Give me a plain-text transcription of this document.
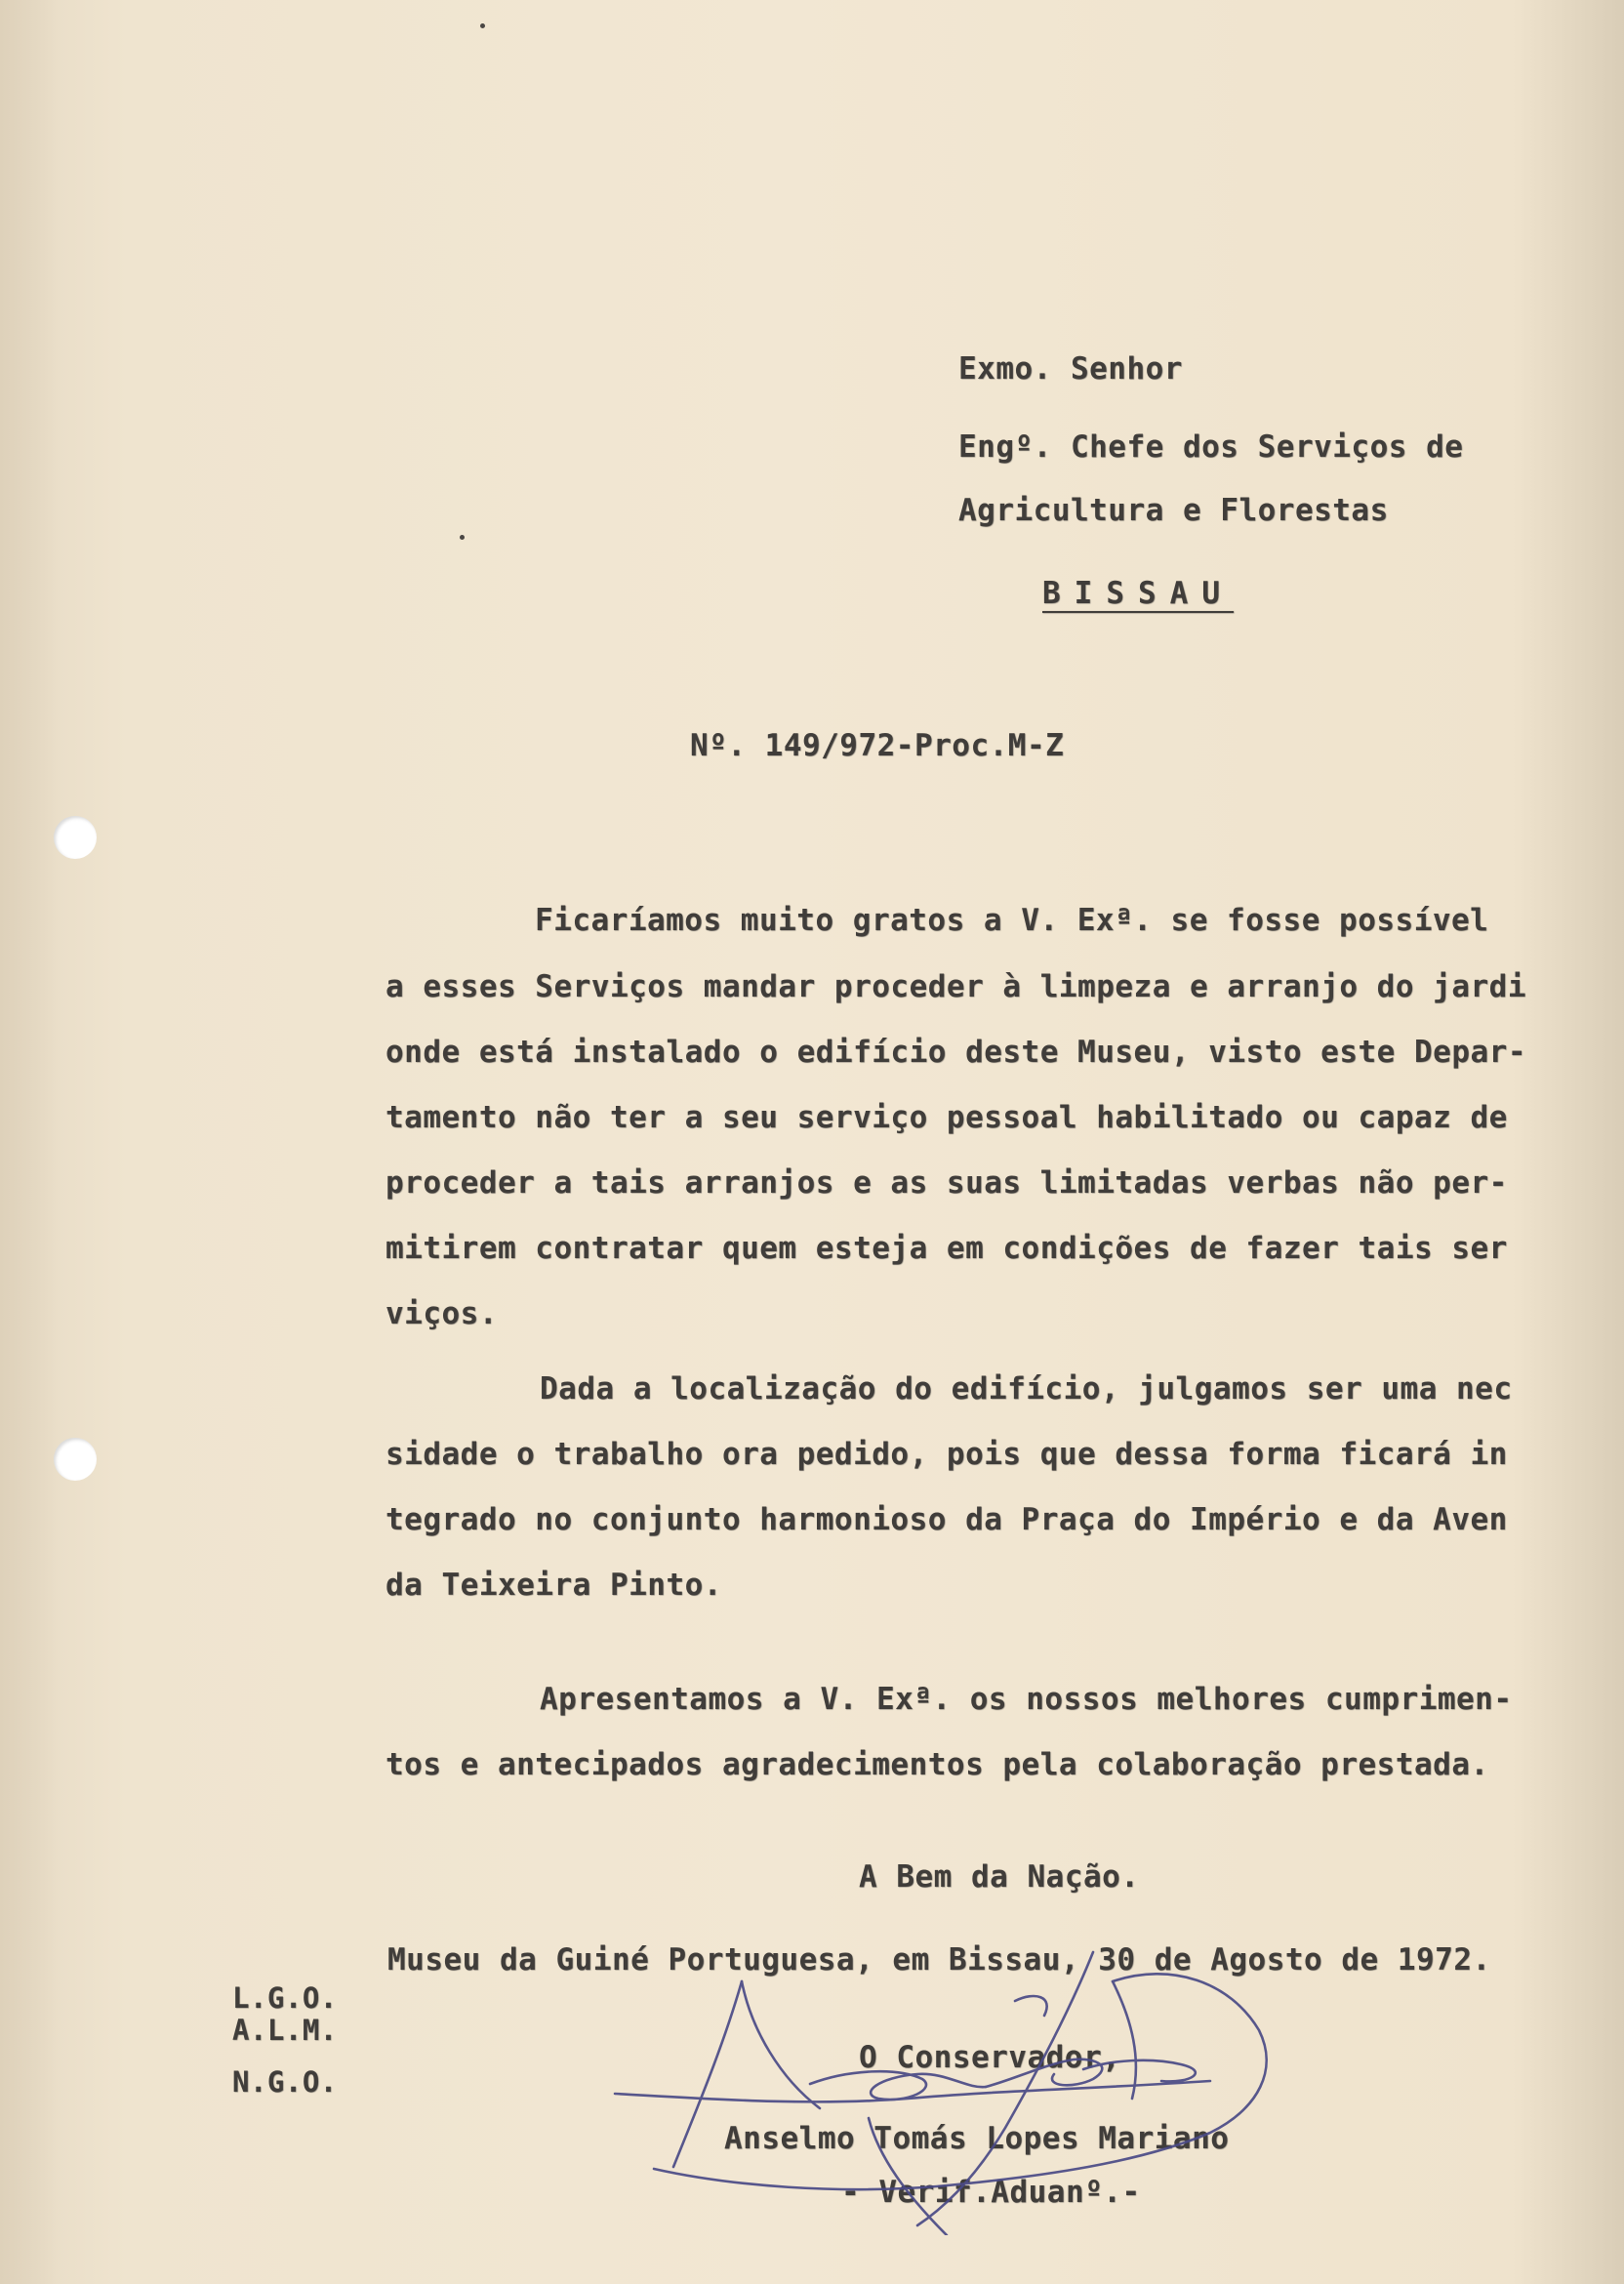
Exmo. Senhor
Engº. Chefe dos Serviços de
Agricultura e Florestas
BISSAU
Nº. 149/972-Proc.M-Z
Ficaríamos muito gratos a V. Exª. se fosse possível
a esses Serviços mandar proceder à limpeza e arranjo do jardi
onde está instalado o edifício deste Museu, visto este Depar-
tamento não ter a seu serviço pessoal habilitado ou capaz de
proceder a tais arranjos e as suas limitadas verbas não per-
mitirem contratar quem esteja em condições de fazer tais ser
viços.
Dada a localização do edifício, julgamos ser uma nec
sidade o trabalho ora pedido, pois que dessa forma ficará in
tegrado no conjunto harmonioso da Praça do Império e da Aven
da Teixeira Pinto.
Apresentamos a V. Exª. os nossos melhores cumprimen-
tos e antecipados agradecimentos pela colaboração prestada.
A Bem da Nação.
Museu da Guiné Portuguesa, em Bissau, 30 de Agosto de 1972.
L.G.O.
A.L.M.
N.G.O.
O Conservador,
Anselmo Tomás Lopes Mariano
- Verif.Aduanº.-
